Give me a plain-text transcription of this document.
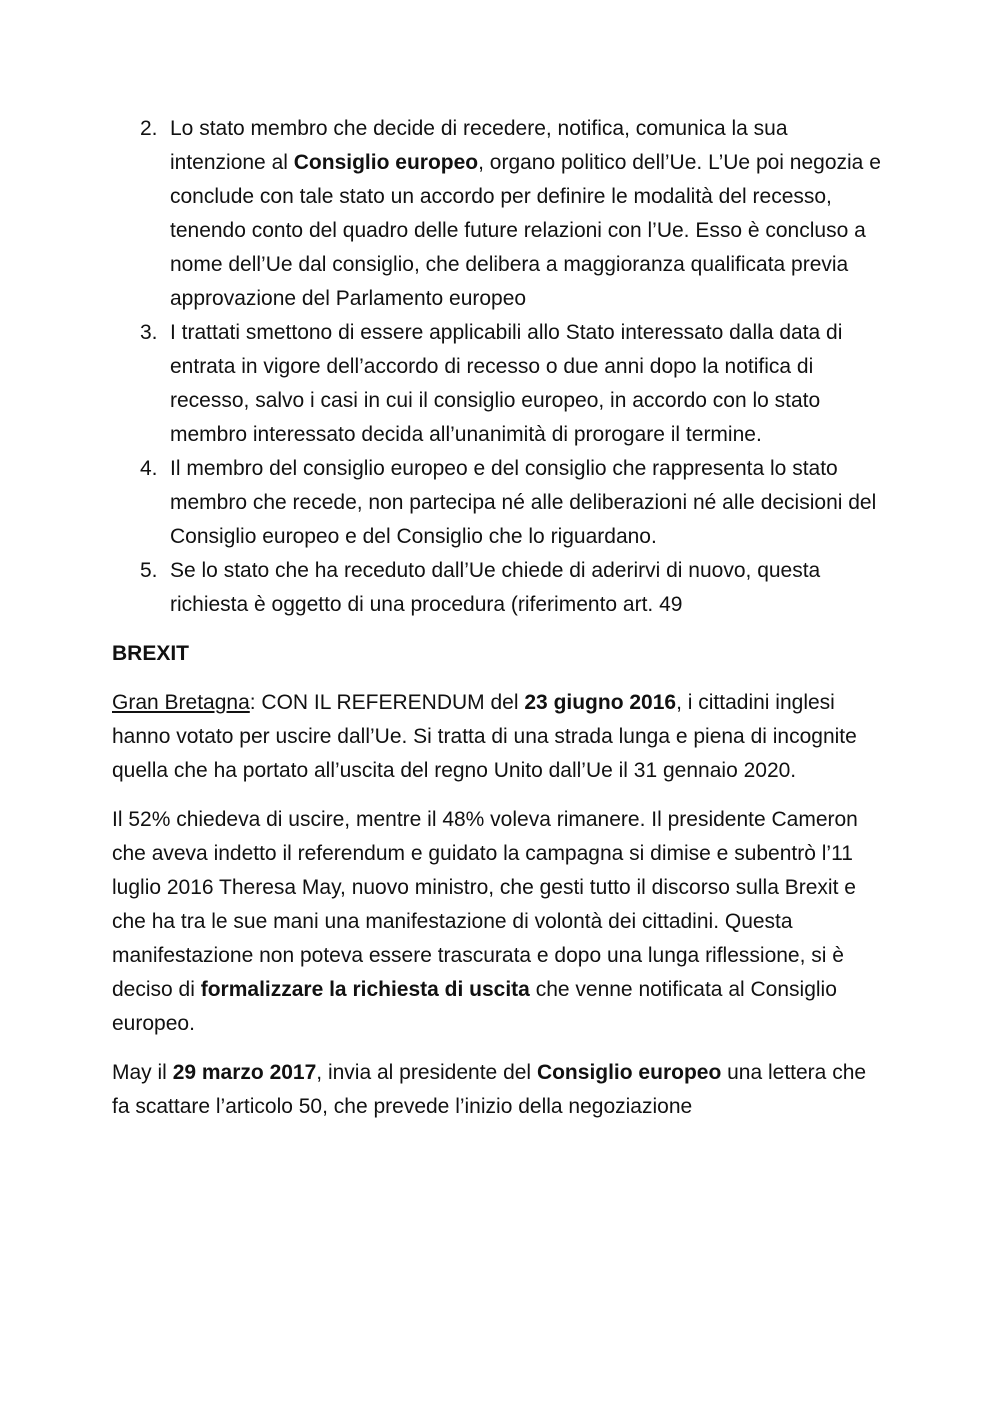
2. Lo stato membro che decide di recedere, notifica, comunica la sua intenzione al Consiglio europeo, organo politico dell’Ue. L’Ue poi negozia e conclude con tale stato un accordo per definire le modalità del recesso, tenendo conto del quadro delle future relazioni con l’Ue. Esso è concluso a nome dell’Ue dal consiglio, che delibera a maggioranza qualificata previa approvazione del Parlamento europeo
3. I trattati smettono di essere applicabili allo Stato interessato dalla data di entrata in vigore dell’accordo di recesso o due anni dopo la notifica di recesso, salvo i casi in cui il consiglio europeo, in accordo con lo stato membro interessato decida all’unanimità di prorogare il termine.
4. Il membro del consiglio europeo e del consiglio che rappresenta lo stato membro che recede, non partecipa né alle deliberazioni né alle decisioni del Consiglio europeo e del Consiglio che lo riguardano.
5. Se lo stato che ha receduto dall’Ue chiede di aderirvi di nuovo, questa richiesta è oggetto di una procedura (riferimento art. 49
BREXIT

Gran Bretagna: CON IL REFERENDUM del 23 giugno 2016, i cittadini inglesi hanno votato per uscire dall’Ue. Si tratta di una strada lunga e piena di incognite quella che ha portato all’uscita del regno Unito dall’Ue il 31 gennaio 2020.

Il 52% chiedeva di uscire, mentre il 48% voleva rimanere. Il presidente Cameron che aveva indetto il referendum e guidato la campagna si dimise e subentrò l’11 luglio 2016 Theresa May, nuovo ministro, che gesti tutto il discorso sulla Brexit e che ha tra le sue mani una manifestazione di volontà dei cittadini. Questa manifestazione non poteva essere trascurata e dopo una lunga riflessione, si è deciso di formalizzare la richiesta di uscita che venne notificata al Consiglio europeo.

May il 29 marzo 2017, invia al presidente del Consiglio europeo una lettera che fa scattare l’articolo 50, che prevede l’inizio della negoziazione
